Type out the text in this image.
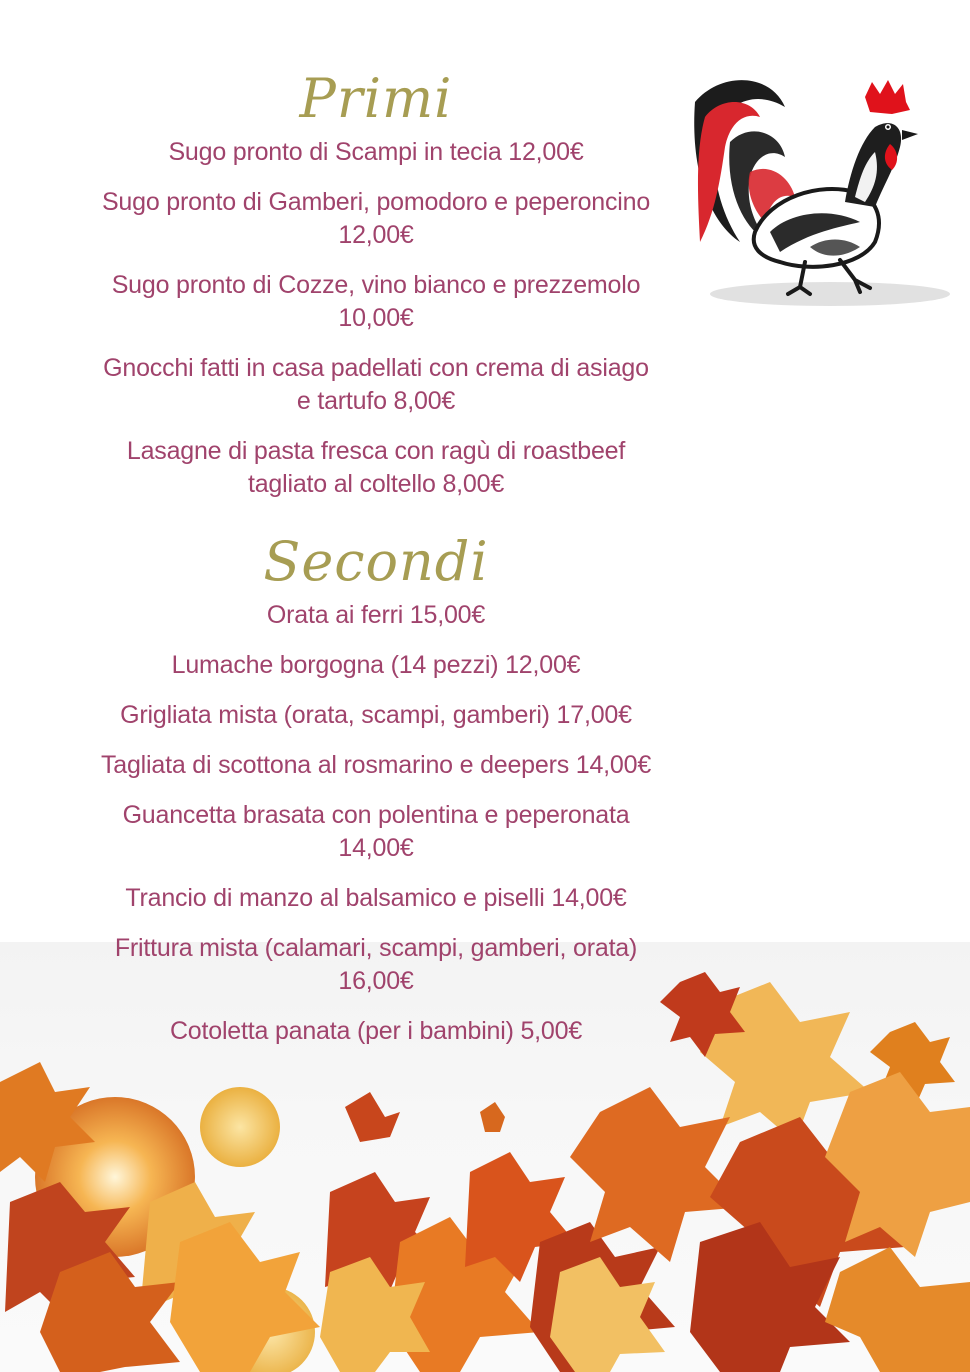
Primi
Sugo pronto di Scampi in tecia 12,00€
Sugo pronto di Gamberi, pomodoro e peperoncino 12,00€
Sugo pronto di Cozze, vino bianco e prezzemolo 10,00€
Gnocchi fatti in casa padellati con crema di asiago e tartufo 8,00€
Lasagne di pasta fresca con ragù di roastbeef tagliato al coltello 8,00€
Secondi
Orata ai ferri 15,00€
Lumache borgogna (14 pezzi) 12,00€
Grigliata mista (orata, scampi, gamberi) 17,00€
Tagliata di scottona al rosmarino e deepers 14,00€
Guancetta brasata con polentina e peperonata 14,00€
Trancio di manzo al balsamico e piselli 14,00€
Frittura mista (calamari, scampi, gamberi, orata) 16,00€
Cotoletta panata (per i bambini) 5,00€
